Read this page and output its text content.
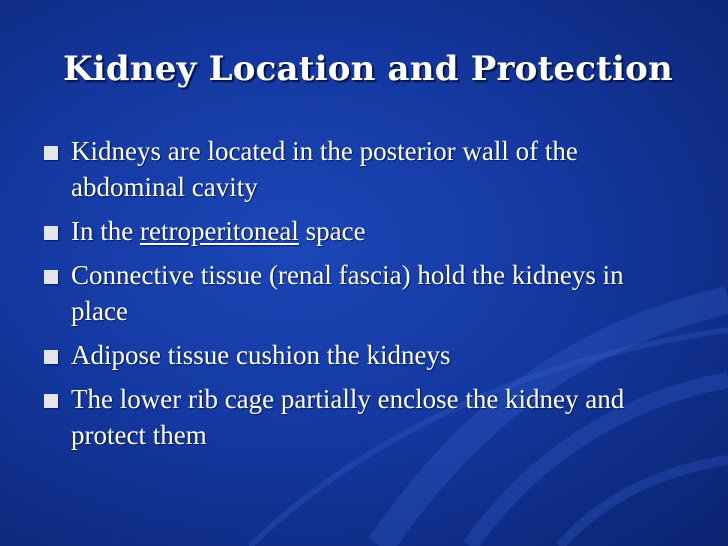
Kidney Location and Protection
Kidneys are located in the posterior wall of the abdominal cavity
In the retroperitoneal space
Connective tissue (renal fascia) hold the kidneys in place
Adipose tissue cushion the kidneys
The lower rib cage partially enclose the kidney and protect them
